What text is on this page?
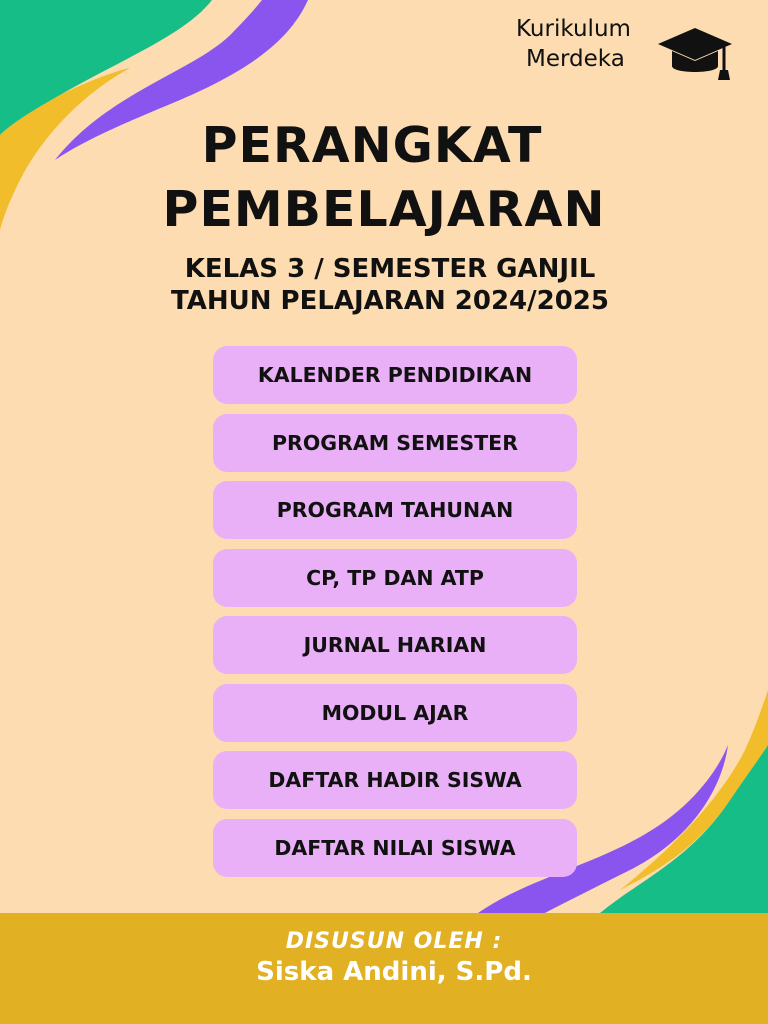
Kurikulum
Merdeka
PERANGKAT
PEMBELAJARAN
KELAS 3 / SEMESTER GANJIL
TAHUN PELAJARAN 2024/2025
KALENDER PENDIDIKAN
PROGRAM SEMESTER
PROGRAM TAHUNAN
CP, TP DAN ATP
JURNAL HARIAN
MODUL AJAR
DAFTAR HADIR SISWA
DAFTAR NILAI SISWA
DISUSUN OLEH :
Siska Andini, S.Pd.
